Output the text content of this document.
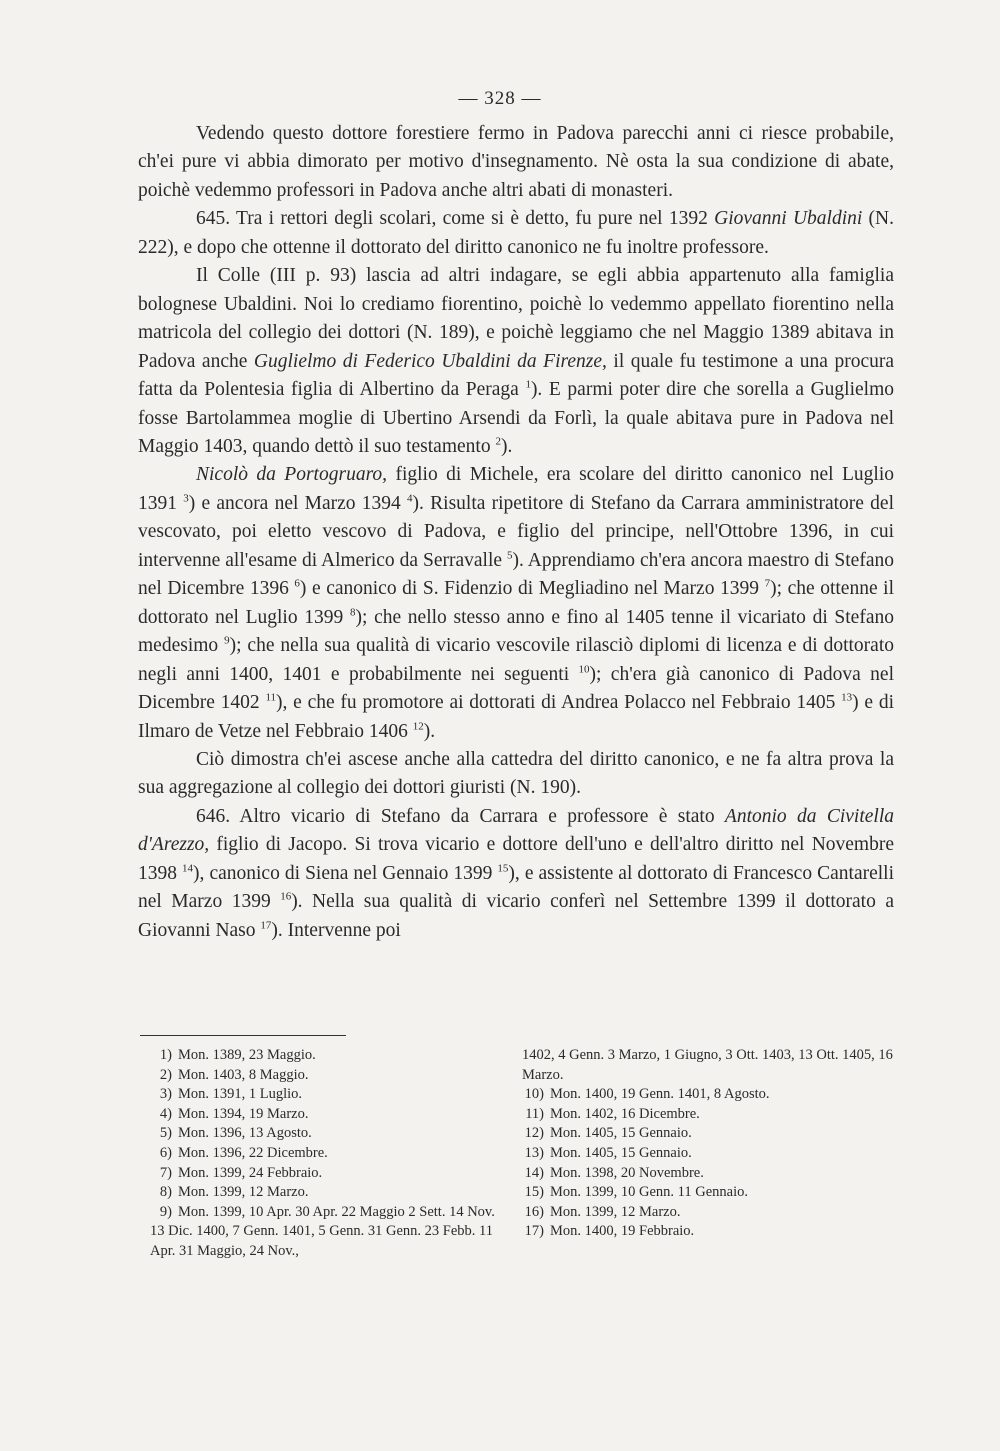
— 328 —

Vedendo questo dottore forestiere fermo in Padova parecchi anni ci riesce probabile, ch'ei pure vi abbia dimorato per motivo d'insegnamento. Nè osta la sua condizione di abate, poichè vedemmo professori in Padova anche altri abati di monasteri.

645. Tra i rettori degli scolari, come si è detto, fu pure nel 1392 Giovanni Ubaldini (N. 222), e dopo che ottenne il dottorato del diritto canonico ne fu inoltre professore.

Il Colle (III p. 93) lascia ad altri indagare, se egli abbia appartenuto alla famiglia bolognese Ubaldini. Noi lo crediamo fiorentino, poichè lo vedemmo appellato fiorentino nella matricola del collegio dei dottori (N. 189), e poichè leggiamo che nel Maggio 1389 abitava in Padova anche Guglielmo di Federico Ubaldini da Firenze, il quale fu testimone a una procura fatta da Polentesia figlia di Albertino da Peraga $^1$). E parmi poter dire che sorella a Guglielmo fosse Bartolammea moglie di Ubertino Arsendi da Forlì, la quale abitava pure in Padova nel Maggio 1403, quando dettò il suo testamento $^2$).

Nicolò da Portogruaro, figlio di Michele, era scolare del diritto canonico nel Luglio 1391 $^3$) e ancora nel Marzo 1394 $^4$). Risulta ripetitore di Stefano da Carrara amministratore del vescovato, poi eletto vescovo di Padova, e figlio del principe, nell'Ottobre 1396, in cui intervenne all'esame di Almerico da Serravalle $^5$). Apprendiamo ch'era ancora maestro di Stefano nel Dicembre 1396 $^6$) e canonico di S. Fidenzio di Megliadino nel Marzo 1399 $^7$); che ottenne il dottorato nel Luglio 1399 $^8$); che nello stesso anno e fino al 1405 tenne il vicariato di Stefano medesimo $^9$); che nella sua qualità di vicario vescovile rilasciò diplomi di licenza e di dottorato negli anni 1400, 1401 e probabilmente nei seguenti $^{10}$); ch'era già canonico di Padova nel Dicembre 1402 $^{11}$), e che fu promotore ai dottorati di Andrea Polacco nel Febbraio 1405 $^{13}$) e di Ilmaro de Vetze nel Febbraio 1406 $^{12}$).

Ciò dimostra ch'ei ascese anche alla cattedra del diritto canonico, e ne fa altra prova la sua aggregazione al collegio dei dottori giuristi (N. 190).

646. Altro vicario di Stefano da Carrara e professore è stato Antonio da Civitella d'Arezzo, figlio di Jacopo. Si trova vicario e dottore dell'uno e dell'altro diritto nel Novembre 1398 $^{14}$), canonico di Siena nel Gennaio 1399 $^{15}$), e assistente al dottorato di Francesco Cantarelli nel Marzo 1399 $^{16}$). Nella sua qualità di vicario conferì nel Settembre 1399 il dottorato a Giovanni Naso $^{17}$). Intervenne poi

1) Mon. 1389, 23 Maggio.
2) Mon. 1403, 8 Maggio.
3) Mon. 1391, 1 Luglio.
4) Mon. 1394, 19 Marzo.
5) Mon. 1396, 13 Agosto.
6) Mon. 1396, 22 Dicembre.
7) Mon. 1399, 24 Febbraio.
8) Mon. 1399, 12 Marzo.
9) Mon. 1399, 10 Apr. 30 Apr. 22 Maggio 2 Sett. 14 Nov. 13 Dic. 1400, 7 Genn. 1401, 5 Genn. 31 Genn. 23 Febb. 11 Apr. 31 Maggio, 24 Nov.,
1402, 4 Genn. 3 Marzo, 1 Giugno, 3 Ott. 1403, 13 Ott. 1405, 16 Marzo.
10) Mon. 1400, 19 Genn. 1401, 8 Agosto.
11) Mon. 1402, 16 Dicembre.
12) Mon. 1405, 15 Gennaio.
13) Mon. 1405, 15 Gennaio.
14) Mon. 1398, 20 Novembre.
15) Mon. 1399, 10 Genn. 11 Gennaio.
16) Mon. 1399, 12 Marzo.
17) Mon. 1400, 19 Febbraio.
